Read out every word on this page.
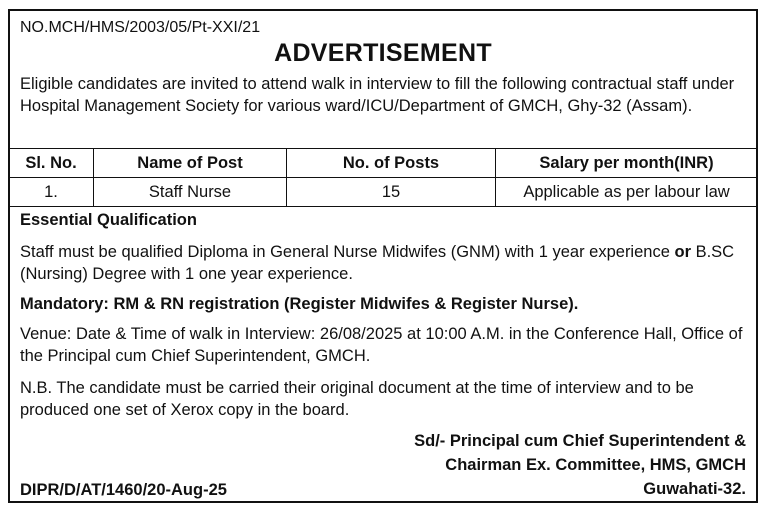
NO.MCH/HMS/2003/05/Pt-XXI/21
ADVERTISEMENT
Eligible candidates are invited to attend walk in interview to fill the following contractual staff under Hospital Management Society for various ward/ICU/Department of GMCH, Ghy-32 (Assam).
Sl. No.	Name of Post	No. of Posts	Salary per month(INR)
1.	Staff Nurse	15	Applicable as per labour law
Essential Qualification
Staff must be qualified Diploma in General Nurse Midwifes (GNM) with 1 year experience or B.SC (Nursing) Degree with 1 one year experience.
Mandatory: RM & RN registration (Register Midwifes & Register Nurse).
Venue: Date & Time of walk in Interview: 26/08/2025 at 10:00 A.M. in the Conference Hall, Office of the Principal cum Chief Superintendent, GMCH.
N.B. The candidate must be carried their original document at the time of interview and to be produced one set of Xerox copy in the board.
Sd/- Principal cum Chief Superintendent &
Chairman Ex. Committee, HMS, GMCH
Guwahati-32.
DIPR/D/AT/1460/20-Aug-25
